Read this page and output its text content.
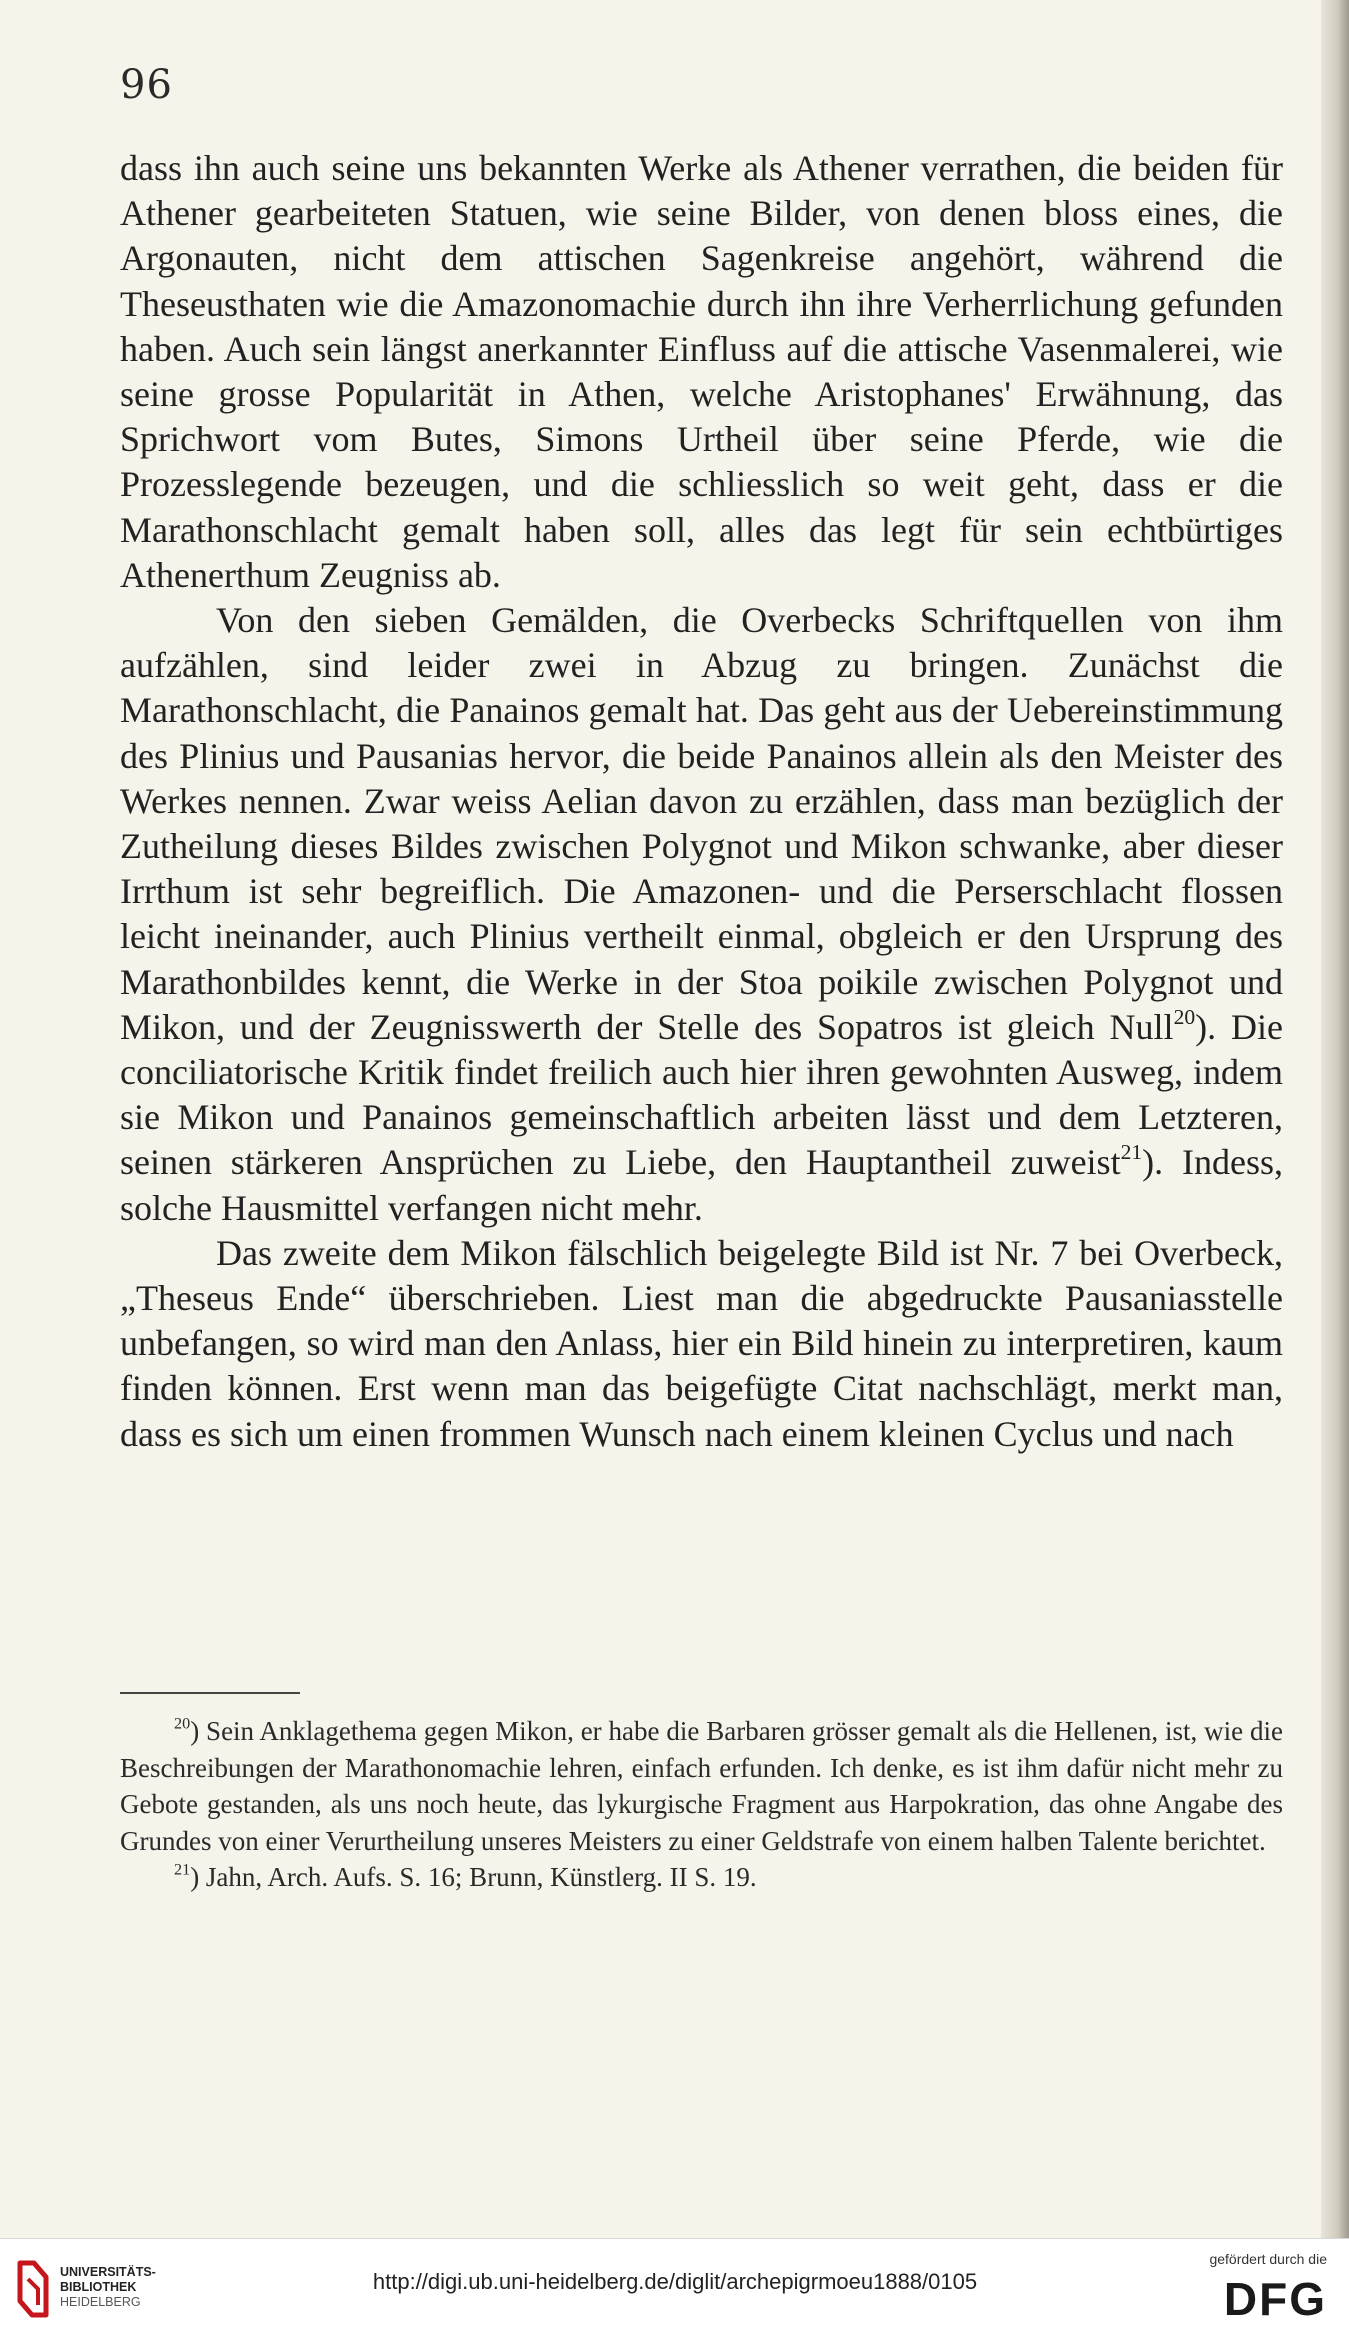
96

dass ihn auch seine uns bekannten Werke als Athener verrathen, die beiden für Athener gearbeiteten Statuen, wie seine Bilder, von denen bloss eines, die Argonauten, nicht dem attischen Sagenkreise angehört, während die Theseusthaten wie die Amazonomachie durch ihn ihre Verherrlichung gefunden haben. Auch sein längst anerkannter Einfluss auf die attische Vasenmalerei, wie seine grosse Popularität in Athen, welche Aristophanes' Erwähnung, das Sprichwort vom Butes, Simons Urtheil über seine Pferde, wie die Prozesslegende bezeugen, und die schliesslich so weit geht, dass er die Marathonschlacht gemalt haben soll, alles das legt für sein echtbürtiges Athenerthum Zeugniss ab.

Von den sieben Gemälden, die Overbecks Schriftquellen von ihm aufzählen, sind leider zwei in Abzug zu bringen. Zunächst die Marathonschlacht, die Panainos gemalt hat. Das geht aus der Uebereinstimmung des Plinius und Pausanias hervor, die beide Panainos allein als den Meister des Werkes nennen. Zwar weiss Aelian davon zu erzählen, dass man bezüglich der Zutheilung dieses Bildes zwischen Polygnot und Mikon schwanke, aber dieser Irrthum ist sehr begreiflich. Die Amazonen- und die Perserschlacht flossen leicht ineinander, auch Plinius vertheilt einmal, obgleich er den Ursprung des Marathonbildes kennt, die Werke in der Stoa poikile zwischen Polygnot und Mikon, und der Zeugnisswerth der Stelle des Sopatros ist gleich Null$^{20}$). Die conciliatorische Kritik findet freilich auch hier ihren gewohnten Ausweg, indem sie Mikon und Panainos gemeinschaftlich arbeiten lässt und dem Letzteren, seinen stärkeren Ansprüchen zu Liebe, den Hauptantheil zuweist$^{21}$). Indess, solche Hausmittel verfangen nicht mehr.

Das zweite dem Mikon fälschlich beigelegte Bild ist Nr. 7 bei Overbeck, „Theseus Ende“ überschrieben. Liest man die abgedruckte Pausaniasstelle unbefangen, so wird man den Anlass, hier ein Bild hinein zu interpretiren, kaum finden können. Erst wenn man das beigefügte Citat nachschlägt, merkt man, dass es sich um einen frommen Wunsch nach einem kleinen Cyclus und nach

$^{20}$) Sein Anklagethema gegen Mikon, er habe die Barbaren grösser gemalt als die Hellenen, ist, wie die Beschreibungen der Marathonomachie lehren, einfach erfunden. Ich denke, es ist ihm dafür nicht mehr zu Gebote gestanden, als uns noch heute, das lykurgische Fragment aus Harpokration, das ohne Angabe des Grundes von einer Verurtheilung unseres Meisters zu einer Geldstrafe von einem halben Talente berichtet.

$^{21}$) Jahn, Arch. Aufs. S. 16; Brunn, Künstlerg. II S. 19.

UNIVERSITÄTS-
BIBLIOTHEK
HEIDELBERG
http://digi.ub.uni-heidelberg.de/diglit/archepigrmoeu1888/0105
gefördert durch die
DFG
